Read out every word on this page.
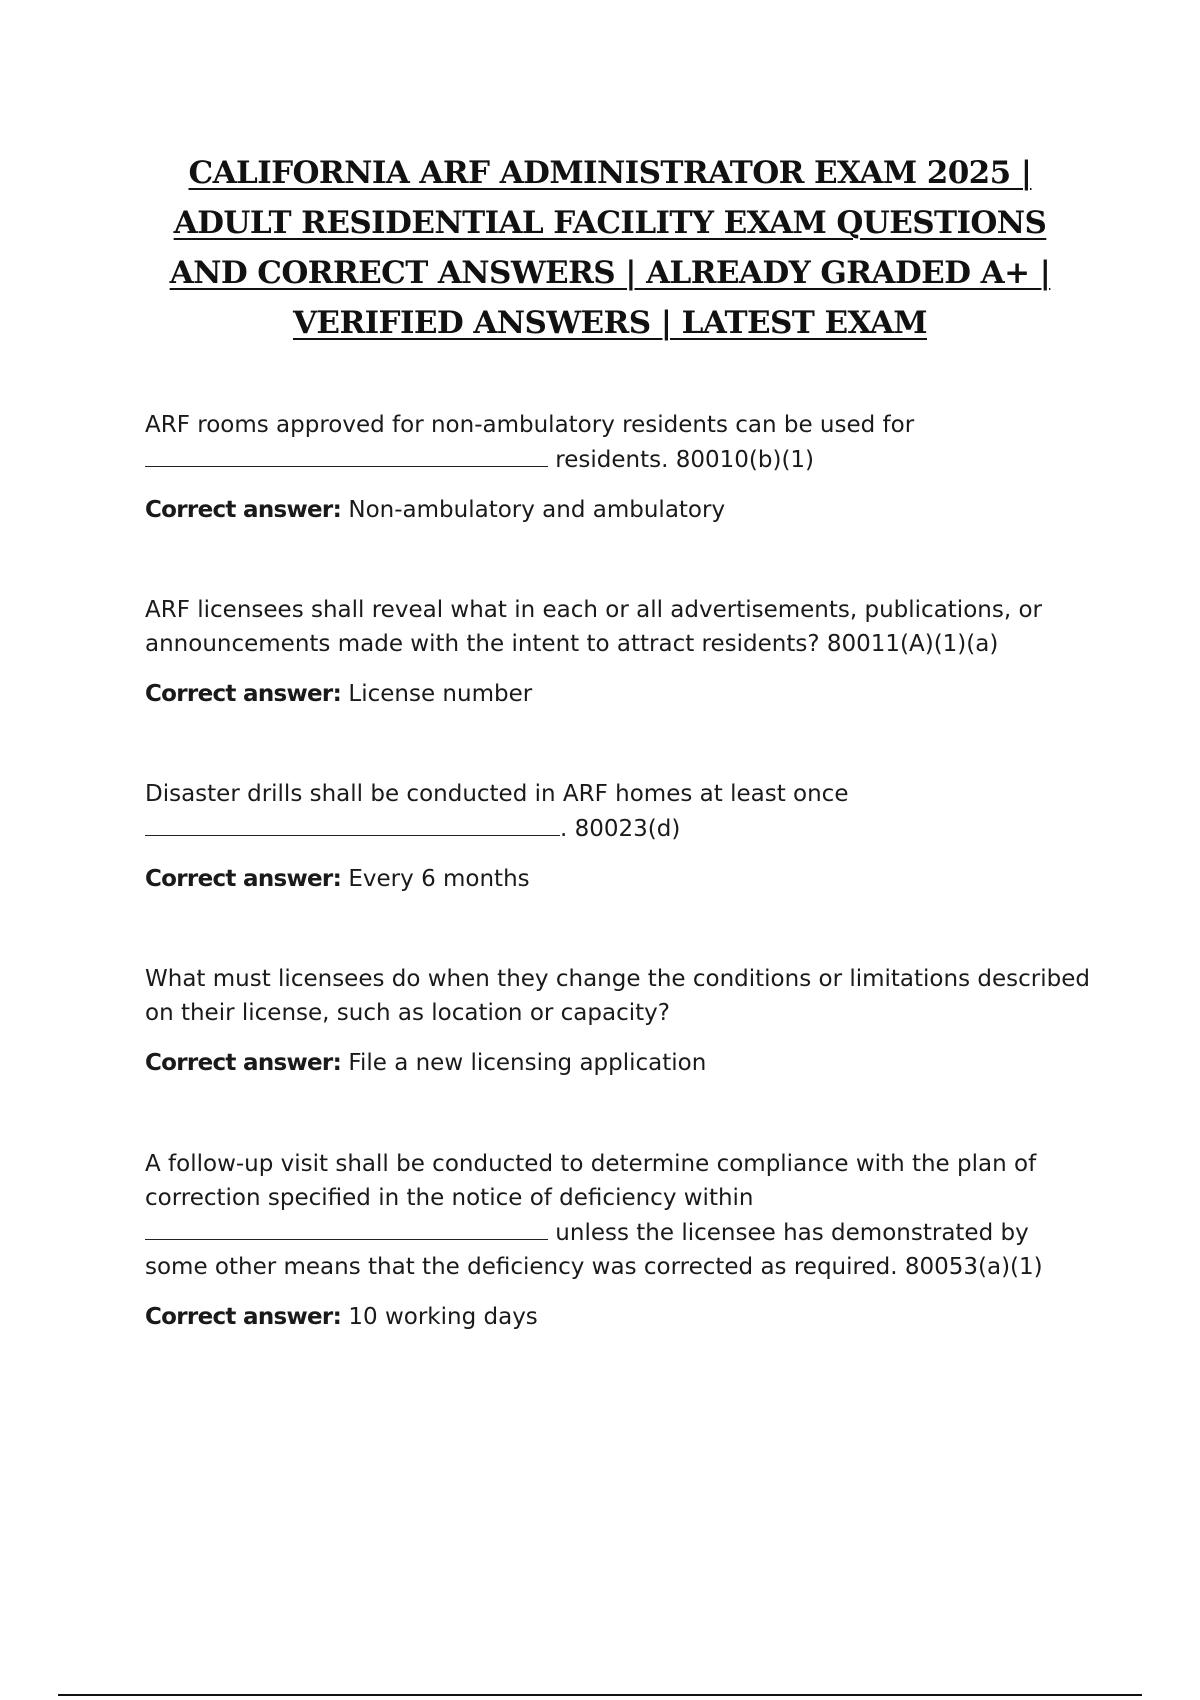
CALIFORNIA ARF ADMINISTRATOR EXAM 2025 | ADULT RESIDENTIAL FACILITY EXAM QUESTIONS AND CORRECT ANSWERS | ALREADY GRADED A+ | VERIFIED ANSWERS | LATEST EXAM

ARF rooms approved for non-ambulatory residents can be used for
residents. 80010(b)(1)

Correct answer: Non-ambulatory and ambulatory

ARF licensees shall reveal what in each or all advertisements, publications, or announcements made with the intent to attract residents? 80011(A)(1)(a)

Correct answer: License number

Disaster drills shall be conducted in ARF homes at least once
. 80023(d)

Correct answer: Every 6 months

What must licensees do when they change the conditions or limitations described on their license, such as location or capacity?

Correct answer: File a new licensing application

A follow-up visit shall be conducted to determine compliance with the plan of correction specified in the notice of deficiency within
unless the licensee has demonstrated by some other means that the deficiency was corrected as required. 80053(a)(1)

Correct answer: 10 working days
